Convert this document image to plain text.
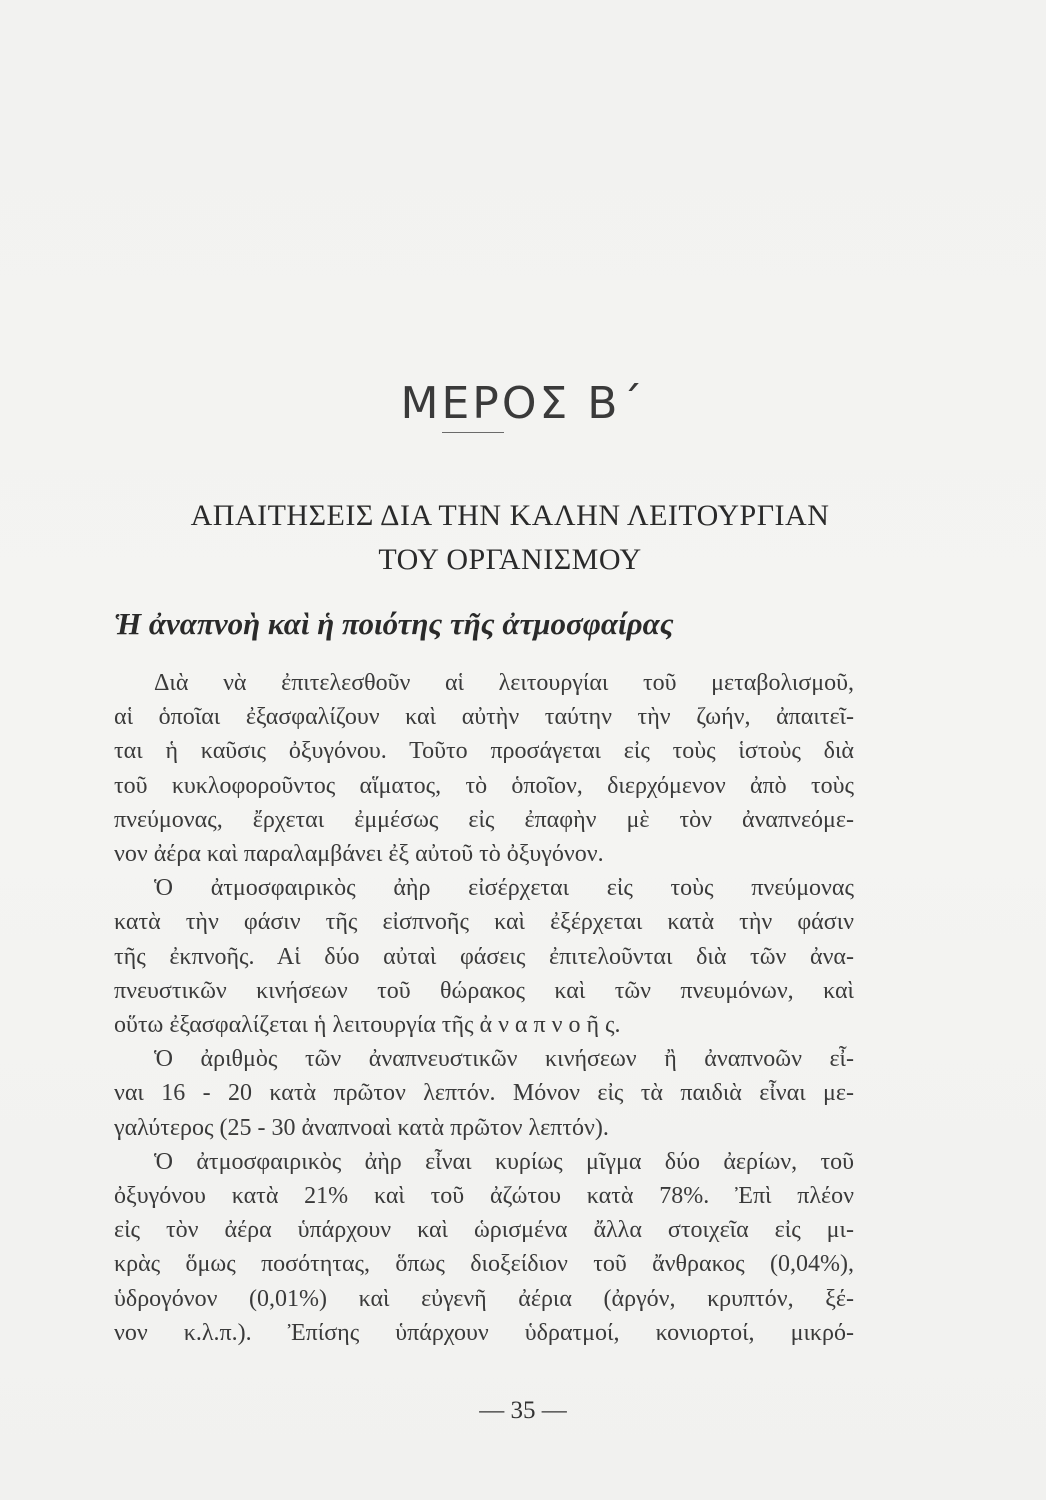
ΜΕΡΟΣ Β΄
ΑΠΑΙΤΗΣΕΙΣ ΔΙΑ ΤΗΝ ΚΑΛΗΝ ΛΕΙΤΟΥΡΓΙΑΝ
ΤΟΥ ΟΡΓΑΝΙΣΜΟΥ
Ἡ ἀναπνοὴ καὶ ἡ ποιότης τῆς ἀτμοσφαίρας
Διὰ νὰ ἐπιτελεσθοῦν αἱ λειτουργίαι τοῦ μεταβολισμοῦ,
αἱ ὁποῖαι ἐξασφαλίζουν καὶ αὐτὴν ταύτην τὴν ζωήν, ἀπαιτεῖ-
ται ἡ καῦσις ὀξυγόνου. Τοῦτο προσάγεται εἰς τοὺς ἱστοὺς διὰ
τοῦ κυκλοφοροῦντος αἵματος, τὸ ὁποῖον, διερχόμενον ἀπὸ τοὺς
πνεύμονας, ἔρχεται ἐμμέσως εἰς ἐπαφὴν μὲ τὸν ἀναπνεόμε-
νον ἀέρα καὶ παραλαμβάνει ἐξ αὐτοῦ τὸ ὀξυγόνον.
Ὁ ἀτμοσφαιρικὸς ἀὴρ εἰσέρχεται εἰς τοὺς πνεύμονας
κατὰ τὴν φάσιν τῆς εἰσπνοῆς καὶ ἐξέρχεται κατὰ τὴν φάσιν
τῆς ἐκπνοῆς. Αἱ δύο αὐταὶ φάσεις ἐπιτελοῦνται διὰ τῶν ἀνα-
πνευστικῶν κινήσεων τοῦ θώρακος καὶ τῶν πνευμόνων, καὶ
οὕτω ἐξασφαλίζεται ἡ λειτουργία τῆς ἀ ν α π ν ο ῆ ς.
Ὁ ἀριθμὸς τῶν ἀναπνευστικῶν κινήσεων ἢ ἀναπνοῶν εἶ-
ναι 16 - 20 κατὰ πρῶτον λεπτόν. Μόνον εἰς τὰ παιδιὰ εἶναι με-
γαλύτερος (25 - 30 ἀναπνοαὶ κατὰ πρῶτον λεπτόν).
Ὁ ἀτμοσφαιρικὸς ἀὴρ εἶναι κυρίως μῖγμα δύο ἀερίων, τοῦ
ὀξυγόνου κατὰ 21% καὶ τοῦ ἀζώτου κατὰ 78%. Ἐπὶ πλέον
εἰς τὸν ἀέρα ὑπάρχουν καὶ ὡρισμένα ἄλλα στοιχεῖα εἰς μι-
κρὰς ὅμως ποσότητας, ὅπως διοξείδιον τοῦ ἄνθρακος (0,04%),
ὑδρογόνον (0,01%) καὶ εὐγενῆ ἀέρια (ἀργόν, κρυπτόν, ξέ-
νον κ.λ.π.). Ἐπίσης ὑπάρχουν ὑδρατμοί, κονιορτοί, μικρό-
— 35 —
